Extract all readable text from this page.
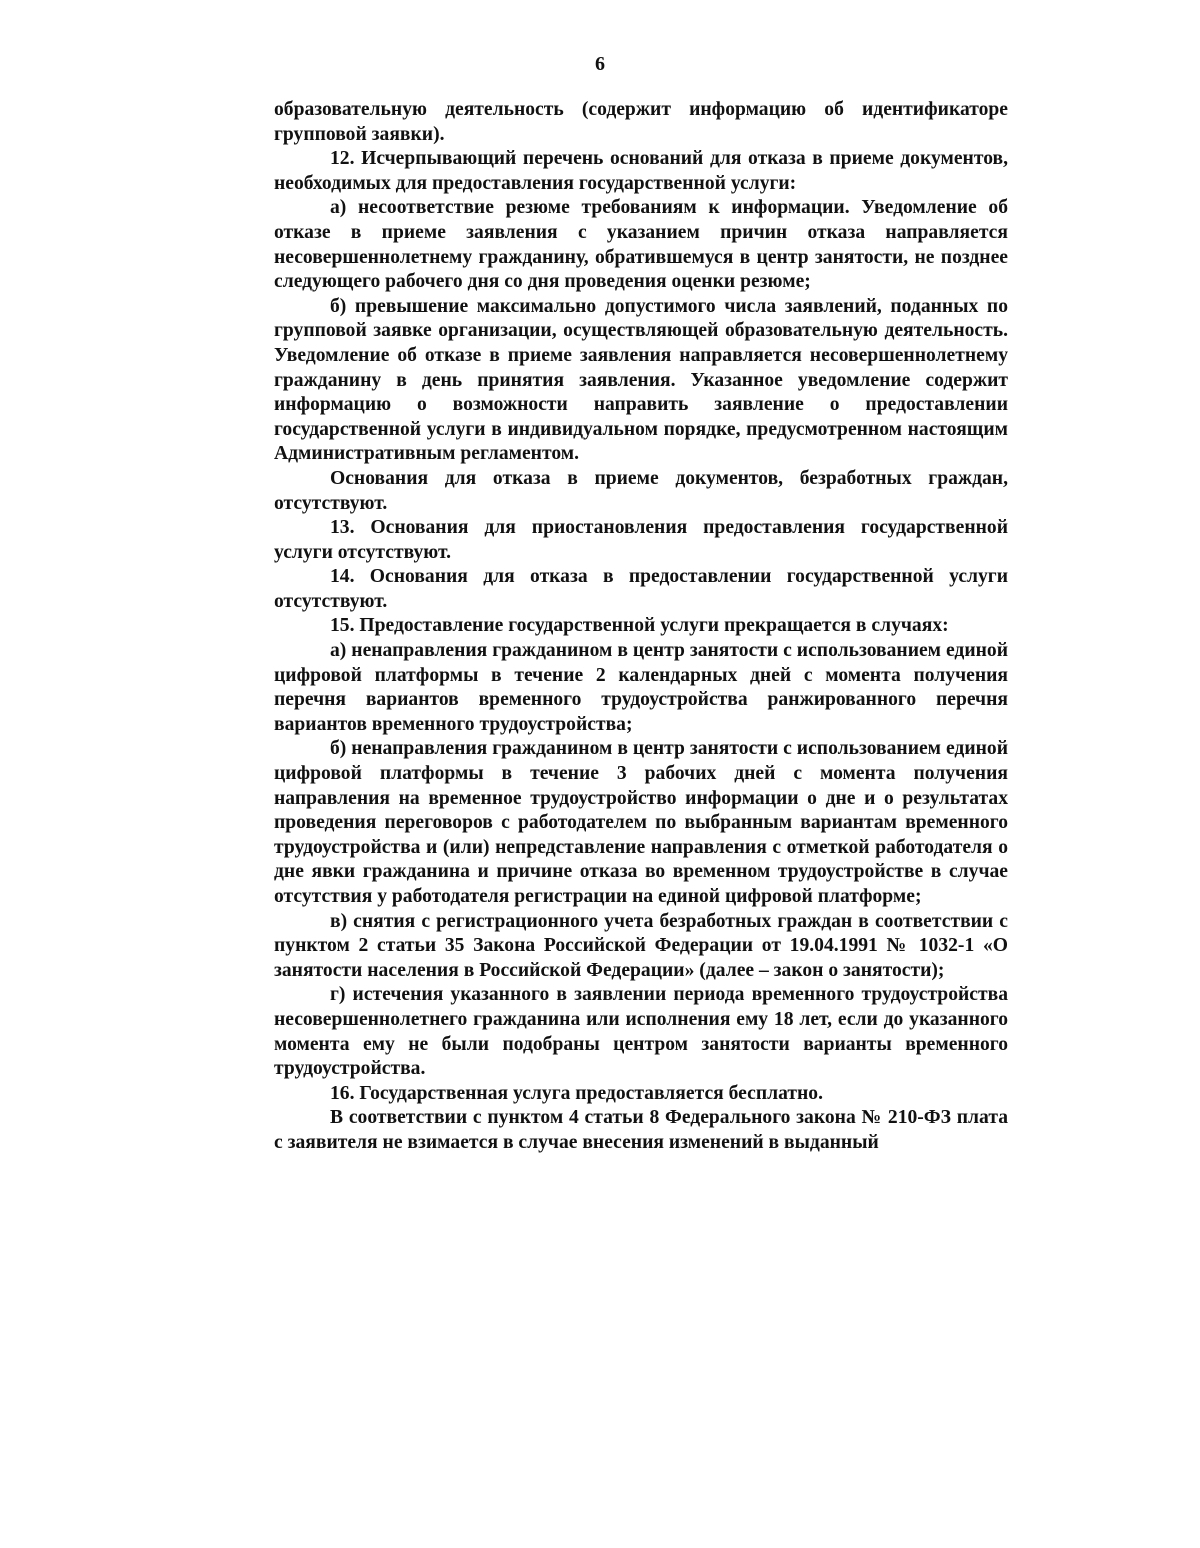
6

образовательную деятельность (содержит информацию об идентификаторе групповой заявки).

12. Исчерпывающий перечень оснований для отказа в приеме документов, необходимых для предоставления государственной услуги:

а) несоответствие резюме требованиям к информации. Уведомление об отказе в приеме заявления с указанием причин отказа направляется несовершеннолетнему гражданину, обратившемуся в центр занятости, не позднее следующего рабочего дня со дня проведения оценки резюме;

б) превышение максимально допустимого числа заявлений, поданных по групповой заявке организации, осуществляющей образовательную деятельность. Уведомление об отказе в приеме заявления направляется несовершеннолетнему гражданину в день принятия заявления. Указанное уведомление содержит информацию о возможности направить заявление о предоставлении государственной услуги в индивидуальном порядке, предусмотренном настоящим Административным регламентом.

Основания для отказа в приеме документов, безработных граждан, отсутствуют.

13. Основания для приостановления предоставления государственной услуги отсутствуют.

14. Основания для отказа в предоставлении государственной услуги отсутствуют.

15. Предоставление государственной услуги прекращается в случаях:

а) ненаправления гражданином в центр занятости с использованием единой цифровой платформы в течение 2 календарных дней с момента получения перечня вариантов временного трудоустройства ранжированного перечня вариантов временного трудоустройства;

б) ненаправления гражданином в центр занятости с использованием единой цифровой платформы в течение 3 рабочих дней с момента получения направления на временное трудоустройство информации о дне и о результатах проведения переговоров с работодателем по выбранным вариантам временного трудоустройства и (или) непредставление направления с отметкой работодателя о дне явки гражданина и причине отказа во временном трудоустройстве в случае отсутствия у работодателя регистрации на единой цифровой платформе;

в) снятия с регистрационного учета безработных граждан в соответствии с пунктом 2 статьи 35 Закона Российской Федерации от 19.04.1991 № 1032-1 «О занятости населения в Российской Федерации» (далее – закон о занятости);

г) истечения указанного в заявлении периода временного трудоустройства несовершеннолетнего гражданина или исполнения ему 18 лет, если до указанного момента ему не были подобраны центром занятости варианты временного трудоустройства.

16. Государственная услуга предоставляется бесплатно.

В соответствии с пунктом 4 статьи 8 Федерального закона № 210-ФЗ плата с заявителя не взимается в случае внесения изменений в выданный
